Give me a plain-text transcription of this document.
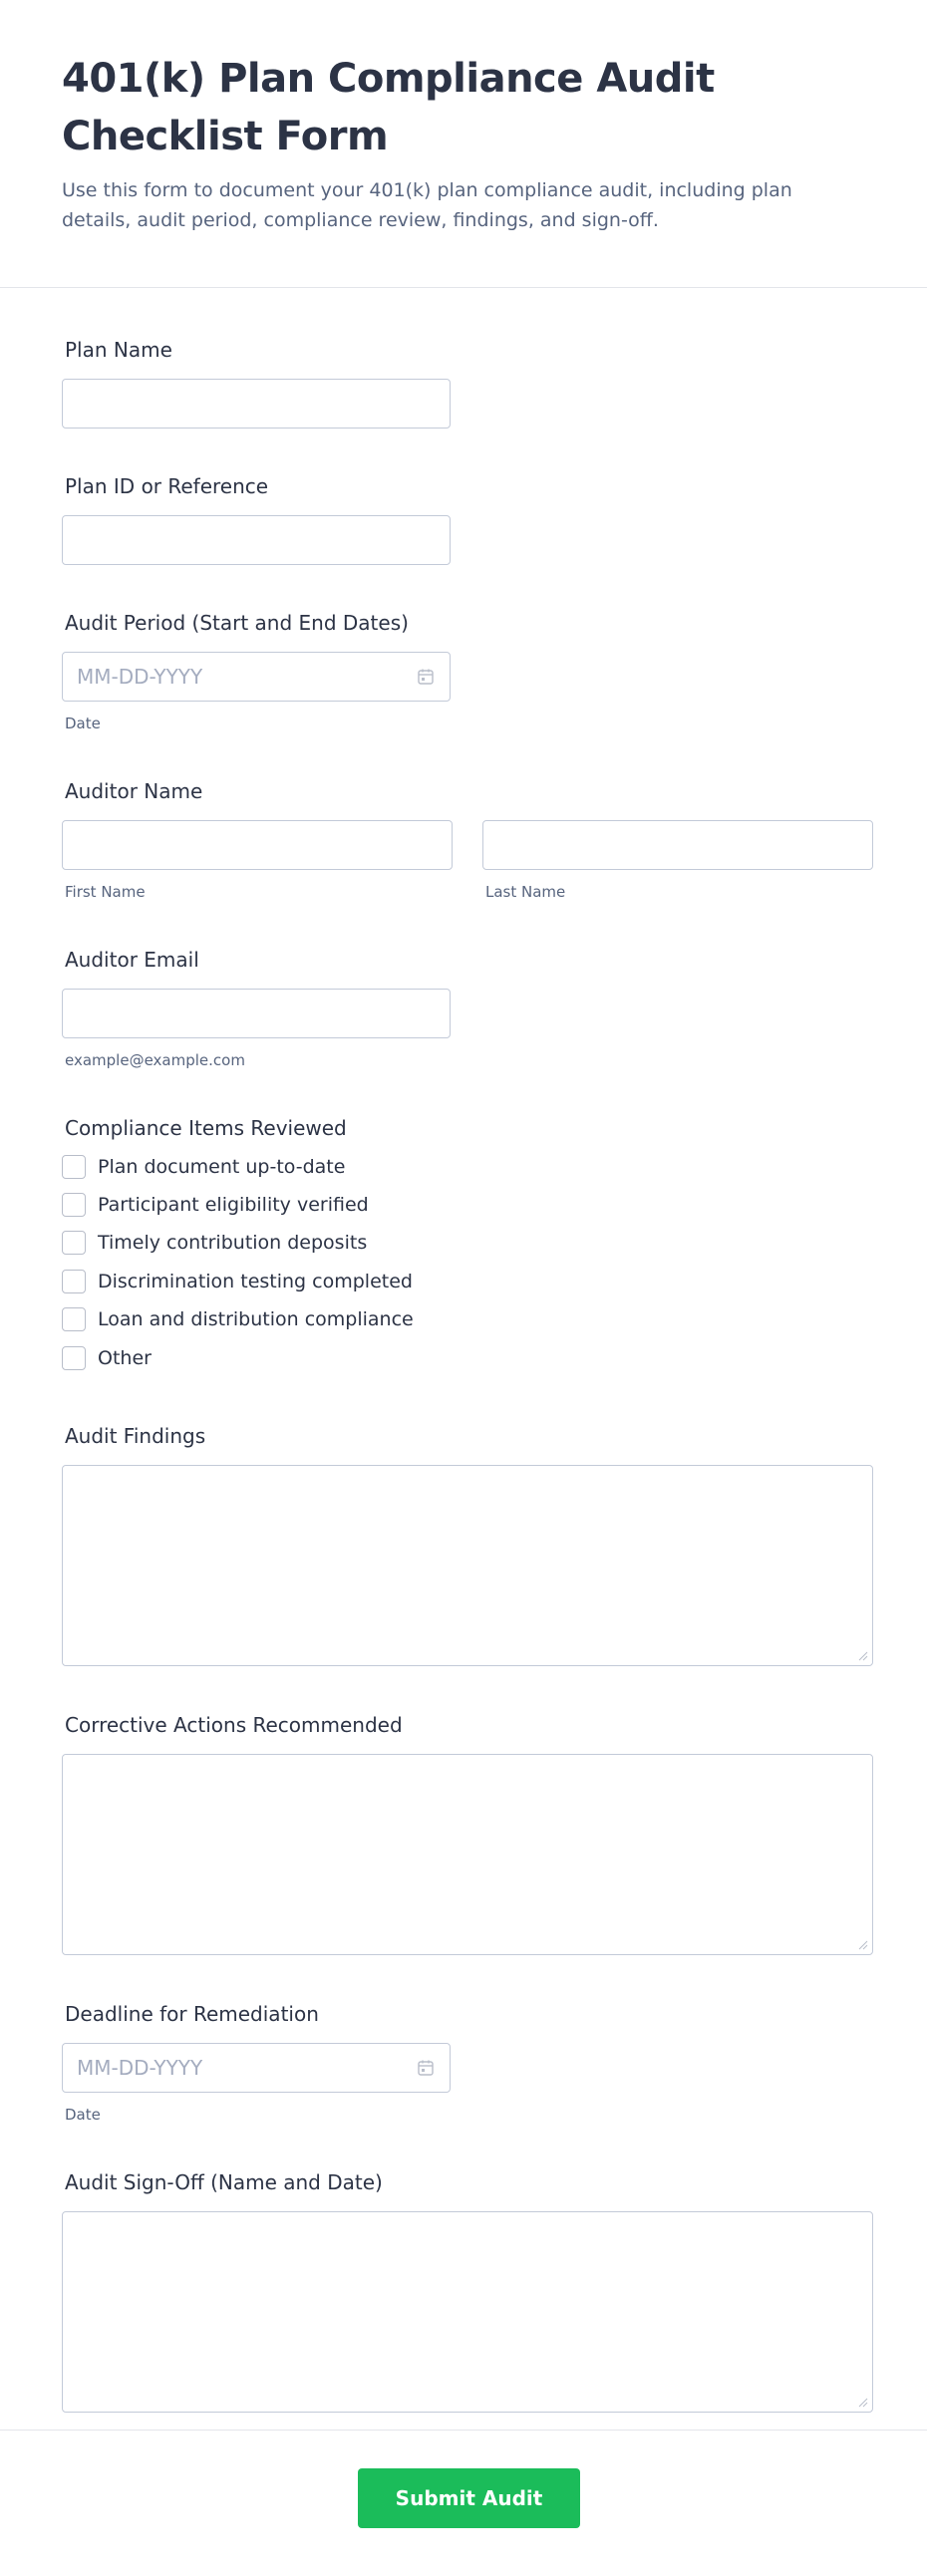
401(k) Plan Compliance Audit Checklist Form

Use this form to document your 401(k) plan compliance audit, including plan details, audit period, compliance review, findings, and sign-off.

Plan Name
Plan ID or Reference
Audit Period (Start and End Dates)
MM-DD-YYYY
Date
Auditor Name
First Name	Last Name
Auditor Email
example@example.com
Compliance Items Reviewed
Plan document up-to-date
Participant eligibility verified
Timely contribution deposits
Discrimination testing completed
Loan and distribution compliance
Other
Audit Findings
Corrective Actions Recommended
Deadline for Remediation
MM-DD-YYYY
Date
Audit Sign-Off (Name and Date)
Submit Audit
